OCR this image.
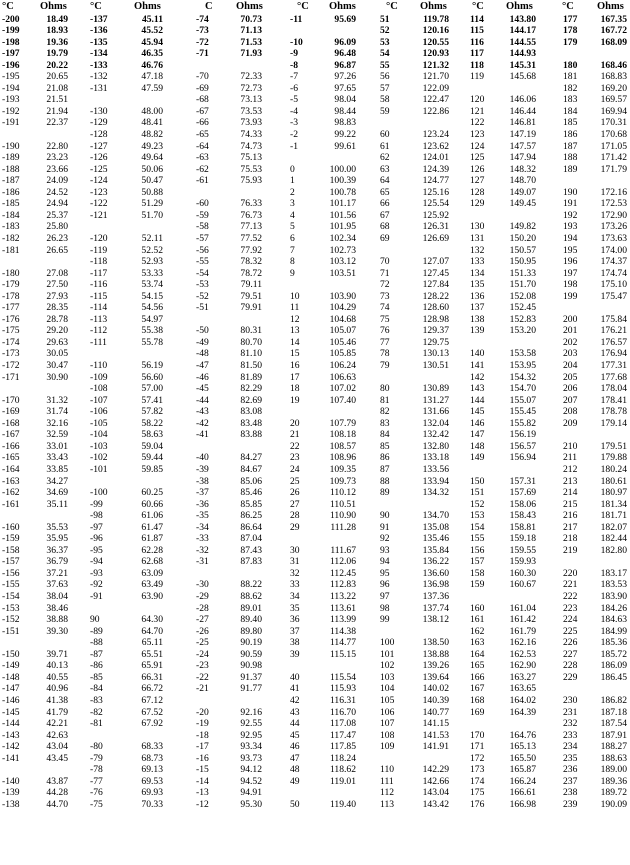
°C Ohms °C	Ohms	C Ohms	°C Ohms	°C Ohms °C Ohms	°C Ohms
-200	18.49
-199	18.93
-198	19.36
-197	19.79
-196	20.22
-195	20.65
-194	21.08
-193	21.51
-192	21.94
-191	22.37
-190	22.80
-189	23.23
-188	23.66
-187	24.09
-186	24.52
-185	24.94
-184	25.37
-183	25.80
-182	26.23
-181	26.65
-180	27.08
-179	27.50
-178	27.93
-177	28.35
-176	28.78
-175	29.20
-174	29.63
-173	30.05
-172	30.47
-171	30.90
-170	31.32
-169	31.74
-168	32.16
-167	32.59
-166	33.01
-165	33.43
-164	33.85
-163	34.27
-162	34.69
-161	35.11
-160	35.53
-159	35.95
-158	36.37
-157	36.79
-156	37.21
-155	37.63
-154	38.04
-153	38.46
-152	38.88
-151	39.30
-150	39.71
-149	40.13
-148	40.55
-147	40.96
-146	41.38
-145	41.79
-144	42.21
-143	42.63
-142	43.04
-141	43.45
-140	43.87
-139	44.28
-138	44.70
-137	45.11
-136	45.52
-135	45.94
-134	46.35
-133	46.76
-132	47.18
-131	47.59
-130	48.00
-129	48.41
-128	48.82
-127	49.23
-126	49.64
-125	50.06
-124	50.47
-123	50.88
-122	51.29
-121	51.70
-120	52.11
-119	52.52
-118	52.93
-117	53.33
-116	53.74
-115	54.15
-114	54.56
-113	54.97
-112	55.38
-111	55.78
-110	56.19
-109	56.60
-108	57.00
-107	57.41
-106	57.82
-105	58.22
-104	58.63
-103	59.04
-102	59.44
-101	59.85
-100	60.25
-99	60.66
-98	61.06
-97	61.47
-96	61.87
-95	62.28
-94	62.68
-93	63.09
-92	63.49
-91	63.90
90	64.30
-89	64.70
-88	65.11
-87	65.51
-86	65.91
-85	66.31
-84	66.72
-83	67.12
-82	67.52
-81	67.92
-80	68.33
-79	68.73
-78	69.13
-77	69.53
-76	69.93
-75	70.33
-74	70.73
-73	71.13
-72	71.53
-71	71.93
-70	72.33
-69	72.73
-68	73.13
-67	73.53
-66	73.93
-65	74.33
-64	74.73
-63	75.13
-62	75.53
-61	75.93
-60	76.33
-59	76.73
-58	77.13
-57	77.52
-56	77.92
-55	78.32
-54	78.72
-53	79.11
-52	79.51
-51	79.91
-50	80.31
-49	80.70
-48	81.10
-47	81.50
-46	81.89
-45	82.29
-44	82.69
-43	83.08
-42	83.48
-41	83.88
-40	84.27
-39	84.67
-38	85.06
-37	85.46
-36	85.85
-35	86.25
-34	86.64
-33	87.04
-32	87.43
-31	87.83
-30	88.22
-29	88.62
-28	89.01
-27	89.40
-26	89.80
-25	90.19
-24	90.59
-23	90.98
-22	91.37
-21	91.77
-20	92.16
-19	92.55
-18	92.95
-17	93.34
-16	93.73
-15	94.12
-14	94.52
-13	94.91
-12	95.30
-11	95.69
-10	96.09
-9	96.48
-8	96.87
-7	97.26
-6	97.65
-5	98.04
-4	98.44
-3	98.83
-2	99.22
-1	99.61
0	100.00
1	100.39
2	100.78
3	101.17
4	101.56
5	101.95
6	102.34
7	102.73
8	103.12
9	103.51
10	103.90
11	104.29
12	104.68
13	105.07
14	105.46
15	105.85
16	106.24
17	106.63
18	107.02
19	107.40
20	107.79
21	108.18
22	108.57
23	108.96
24	109.35
25	109.73
26	110.12
27	110.51
28	110.90
29	111.28
30	111.67
31	112.06
32	112.45
33	112.83
34	113.22
35	113.61
36	113.99
37	114.38
38	114.77
39	115.15
40	115.54
41	115.93
42	116.31
43	116.70
44	117.08
45	117.47
46	117.85
47	118.24
48	118.62
49	119.01
50	119.40
51	119.78
52	120.16
53	120.55
54	120.93
55	121.32
56	121.70
57	122.09
58	122.47
59	122.86
60	123.24
61	123.62
62	124.01
63	124.39
64	124.77
65	125.16
66	125.54
67	125.92
68	126.31
69	126.69
70	127.07
71	127.45
72	127.84
73	128.22
74	128.60
75	128.98
76	129.37
77	129.75
78	130.13
79	130.51
80	130.89
81	131.27
82	131.66
83	132.04
84	132.42
85	132.80
86	133.18
87	133.56
88	133.94
89	134.32
90	134.70
91	135.08
92	135.46
93	135.84
94	136.22
95	136.60
96	136.98
97	137.36
98	137.74
99	138.12
100	138.50
101	138.88
102	139.26
103	139.64
104	140.02
105	140.39
106	140.77
107	141.15
108	141.53
109	141.91
110	142.29
111	142.66
112	143.04
113	143.42
114	143.80
115	144.17
116	144.55
117	144.93
118	145.31
119	145.68
120	146.06
121	146.44
122	146.81
123	147.19
124	147.57
125	147.94
126	148.32
127	148.70
128	149.07
129	149.45
130	149.82
131	150.20
132	150.57
133	150.95
134	151.33
135	151.70
136	152.08
137	152.45
138	152.83
139	153.20
140	153.58
141	153.95
142	154.32
143	154.70
144	155.07
145	155.45
146	155.82
147	156.19
148	156.57
149	156.94
150	157.31
151	157.69
152	158.06
153	158.43
154	158.81
155	159.18
156	159.55
157	159.93
158	160.30
159	160.67
160	161.04
161	161.42
162	161.79
163	162.16
164	162.53
165	162.90
166	163.27
167	163.65
168	164.02
169	164.39
170	164.76
171	165.13
172	165.50
173	165.87
174	166.24
175	166.61
176	166.98
177	167.35
178	167.72
179	168.09
180	168.46
181	168.83
182	169.20
183	169.57
184	169.94
185	170.31
186	170.68
187	171.05
188	171.42
189	171.79
190	172.16
191	172.53
192	172.90
193	173.26
194	173.63
195	174.00
196	174.37
197	174.74
198	175.10
199	175.47
200	175.84
201	176.21
202	176.57
203	176.94
204	177.31
205	177.68
206	178.04
207	178.41
208	178.78
209	179.14
210	179.51
211	179.88
212	180.24
213	180.61
214	180.97
215	181.34
216	181.71
217	182.07
218	182.44
219	182.80
220	183.17
221	183.53
222	183.90
223	184.26
224	184.63
225	184.99
226	185.36
227	185.72
228	186.09
229	186.45
230	186.82
231	187.18
232	187.54
233	187.91
234	188.27
235	188.63
236	189.00
237	189.36
238	189.72
239	190.09
